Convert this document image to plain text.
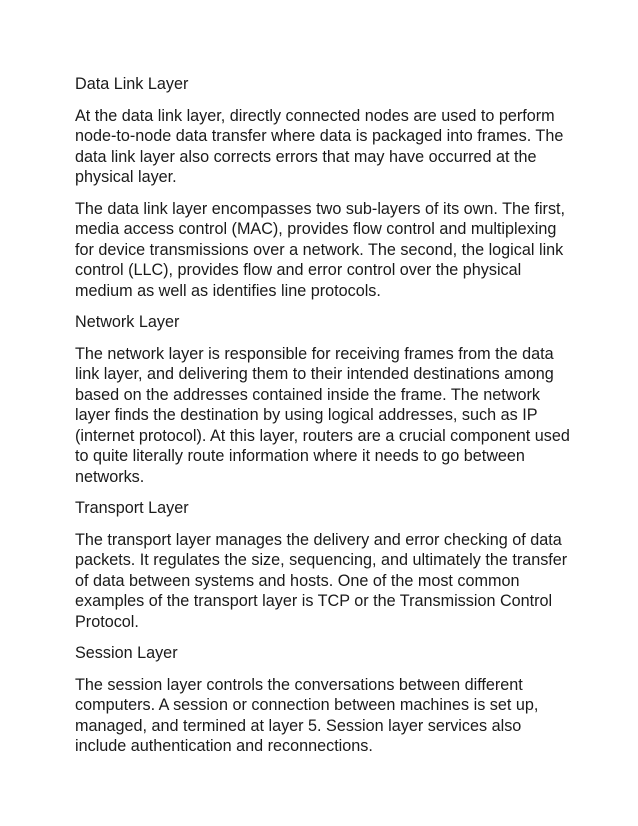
Data Link Layer

At the data link layer, directly connected nodes are used to perform node-to-node data transfer where data is packaged into frames. The data link layer also corrects errors that may have occurred at the physical layer.

The data link layer encompasses two sub-layers of its own. The first, media access control (MAC), provides flow control and multiplexing for device transmissions over a network. The second, the logical link control (LLC), provides flow and error control over the physical medium as well as identifies line protocols.

Network Layer

The network layer is responsible for receiving frames from the data link layer, and delivering them to their intended destinations among based on the addresses contained inside the frame. The network layer finds the destination by using logical addresses, such as IP (internet protocol). At this layer, routers are a crucial component used to quite literally route information where it needs to go between networks.

Transport Layer

The transport layer manages the delivery and error checking of data packets. It regulates the size, sequencing, and ultimately the transfer of data between systems and hosts. One of the most common examples of the transport layer is TCP or the Transmission Control Protocol.

Session Layer

The session layer controls the conversations between different computers. A session or connection between machines is set up, managed, and termined at layer 5. Session layer services also include authentication and reconnections.
